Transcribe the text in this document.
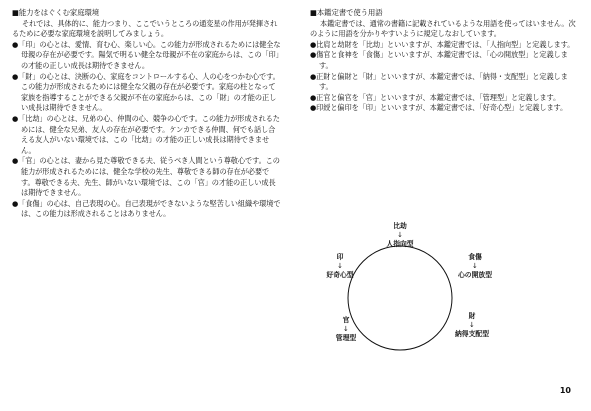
■能力をはぐくむ家庭環境

それでは、具体的に、能力つまり、ここでいうところの通変星の作用が発揮されるために必要な家庭環境を説明してみましょう。

●「印」の心とは、愛情、育む心、楽しい心。この能力が形成されるためには健全な母親の存在が必要です。陽気で明るい健全な母親が不在の家庭からは、この「印」の才能の正しい成長は期待できません。

●「財」の心とは、決断の心、家庭をコントロールする心、人の心をつかむ心です。この能力が形成されるためには健全な父親の存在が必要です。家庭の柱となって家族を指導することができる父親が不在の家庭からは、この「財」の才能の正しい成長は期待できません。

●「比劫」の心とは、兄弟の心、仲間の心、競争の心です。この能力が形成されるためには、健全な兄弟、友人の存在が必要です。ケンカできる仲間、何でも話し合える友人がいない環境では、この「比劫」の才能の正しい成長は期待できません。

●「官」の心とは、妻から見た尊敬できる夫、従うべき人間という尊敬心です。この能力が形成されるためには、健全な学校の先生、尊敬できる師の存在が必要です。尊敬できる夫、先生、師がいない環境では、この「官」の才能の正しい成長は期待できません。

●「食傷」の心は、自己表現の心。自己表現ができないような堅苦しい組織や環境では、この能力は形成されることはありません。

■本鑑定書で使う用語

本鑑定書では、通常の書籍に記載されているような用語を使ってはいません。次のように用語を分かりやすいように規定しなおしています。

●比肩と劫財を「比劫」といいますが、本鑑定書では、「人指向型」と定義します。

●傷官と食神を「食傷」といいますが、本鑑定書では、「心の開放型」と定義します。

●正財と偏財と「財」といいますが、本鑑定書では、「納得・支配型」と定義します。

●正官と偏官を「官」といいますが、本鑑定書では、「管理型」と定義します。

●印綬と偏印を「印」といいますが、本鑑定書では、「好奇心型」と定義します。

比劫
↓
人指向型
食傷
↓
心の開放型
財
↓
納得支配型
官
↓
管理型
印
↓
好奇心型
10
